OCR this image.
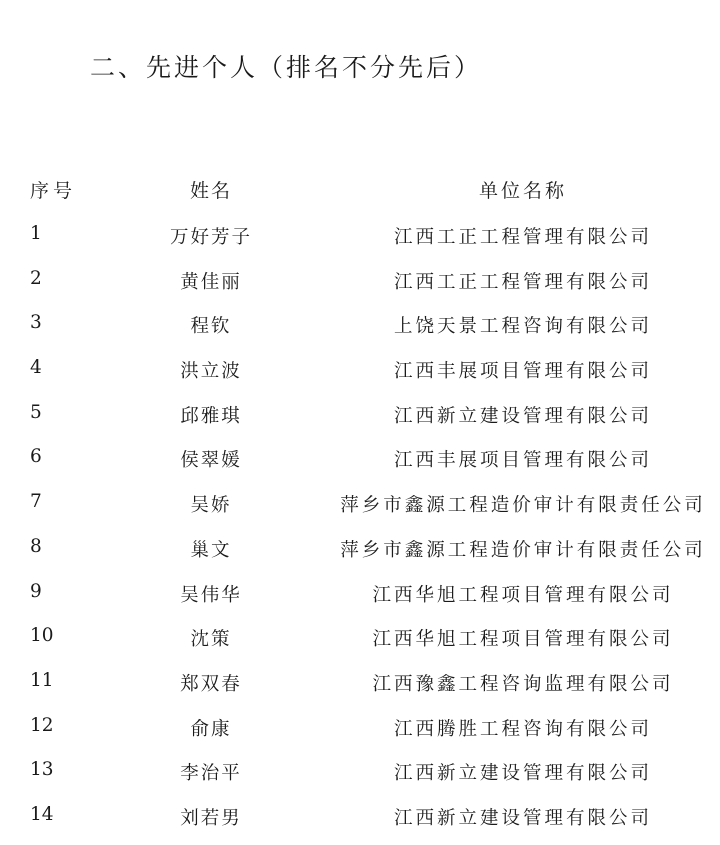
二、先进个人（排名不分先后）
序号	姓名	单位名称
1	万好芳子	江西工正工程管理有限公司
2	黄佳丽	江西工正工程管理有限公司
3	程钦	上饶天景工程咨询有限公司
4	洪立波	江西丰展项目管理有限公司
5	邱雅琪	江西新立建设管理有限公司
6	侯翠媛	江西丰展项目管理有限公司
7	吴娇	萍乡市鑫源工程造价审计有限责任公司
8	巢文	萍乡市鑫源工程造价审计有限责任公司
9	吴伟华	江西华旭工程项目管理有限公司
10	沈策	江西华旭工程项目管理有限公司
11	郑双春	江西豫鑫工程咨询监理有限公司
12	俞康	江西腾胜工程咨询有限公司
13	李治平	江西新立建设管理有限公司
14	刘若男	江西新立建设管理有限公司
